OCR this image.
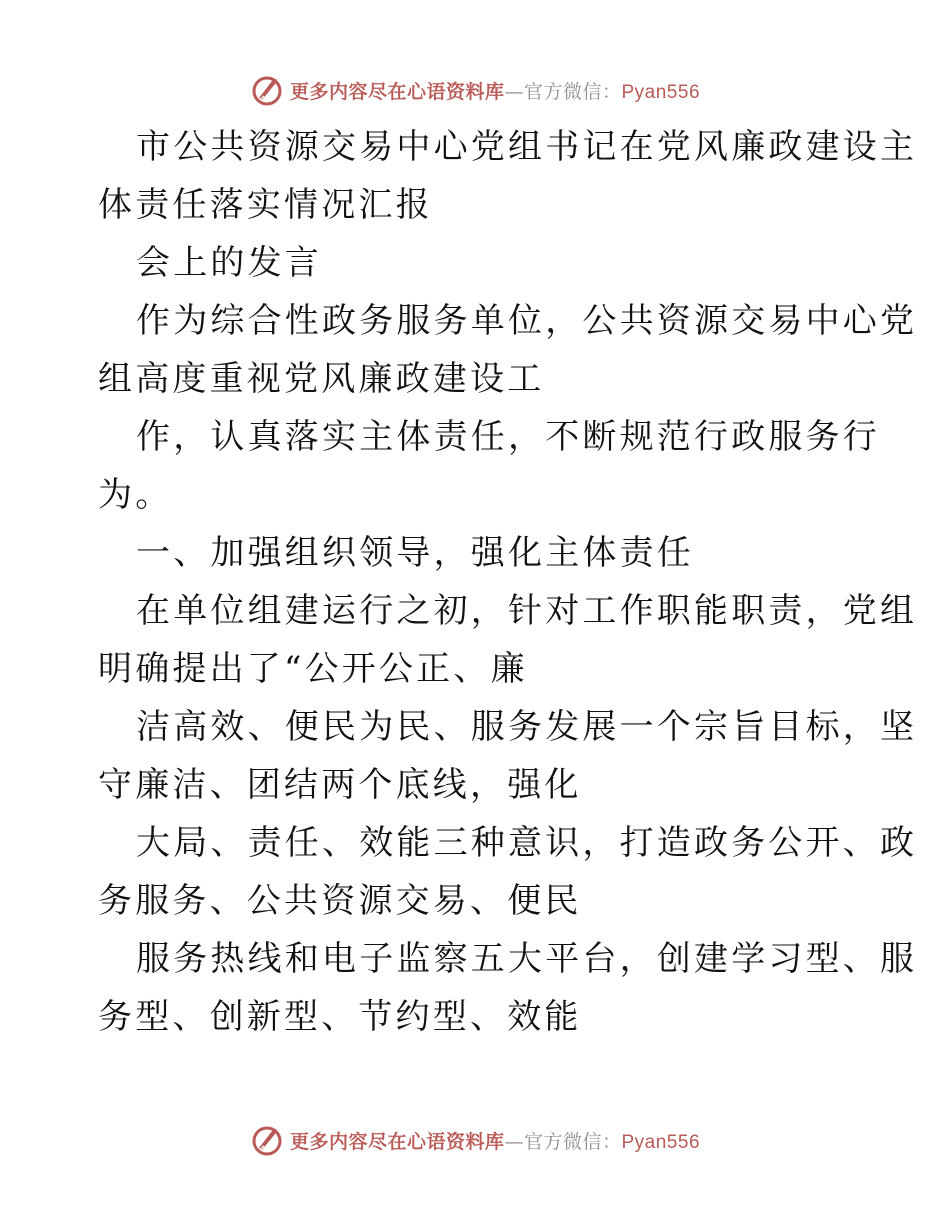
更多内容尽在心语资料库—官方微信：Pyan556
市公共资源交易中心党组书记在党风廉政建设主
体责任落实情况汇报
会上的发言
作为综合性政务服务单位，公共资源交易中心党
组高度重视党风廉政建设工
作，认真落实主体责任，不断规范行政服务行
为。
一、加强组织领导，强化主体责任
在单位组建运行之初，针对工作职能职责，党组
明确提出了“公开公正、廉
洁高效、便民为民、服务发展一个宗旨目标，坚
守廉洁、团结两个底线，强化
大局、责任、效能三种意识，打造政务公开、政
务服务、公共资源交易、便民
服务热线和电子监察五大平台，创建学习型、服
务型、创新型、节约型、效能
更多内容尽在心语资料库—官方微信：Pyan556
